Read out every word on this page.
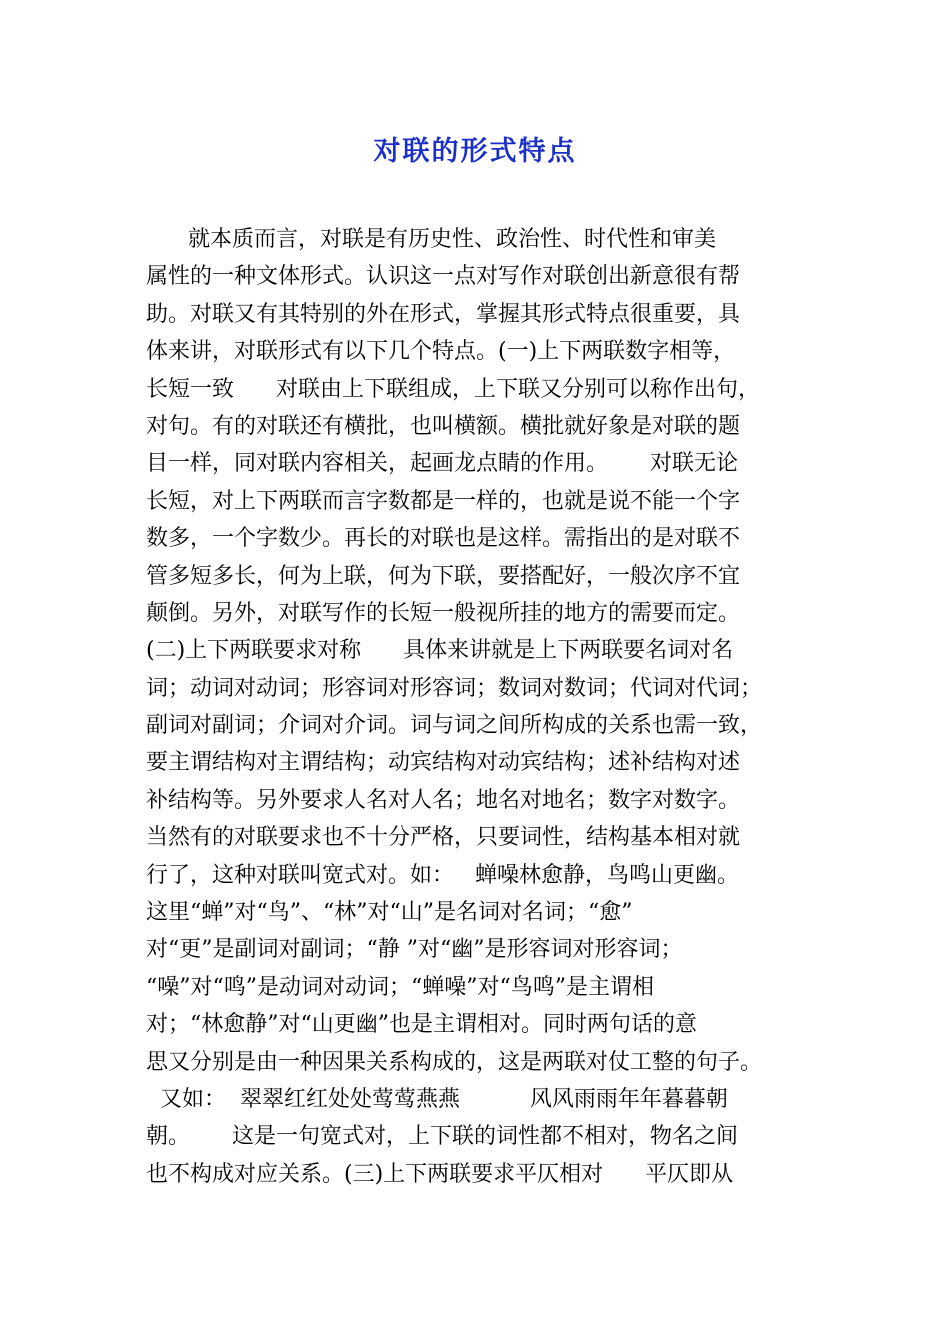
对联的形式特点
就本质而言，对联是有历史性、政治性、时代性和审美
属性的一种文体形式。认识这一点对写作对联创出新意很有帮
助。对联又有其特别的外在形式，掌握其形式特点很重要，具
体来讲，对联形式有以下几个特点。(一)上下两联数字相等，
长短一致      对联由上下联组成，上下联又分别可以称作出句，
对句。有的对联还有横批，也叫横额。横批就好象是对联的题
目一样，同对联内容相关，起画龙点睛的作用。      对联无论
长短，对上下两联而言字数都是一样的，也就是说不能一个字
数多，一个字数少。再长的对联也是这样。需指出的是对联不
管多短多长，何为上联，何为下联，要搭配好，一般次序不宜
颠倒。另外，对联写作的长短一般视所挂的地方的需要而定。
(二)上下两联要求对称      具体来讲就是上下两联要名词对名
词；动词对动词；形容词对形容词；数词对数词；代词对代词；
副词对副词；介词对介词。词与词之间所构成的关系也需一致，
要主谓结构对主谓结构；动宾结构对动宾结构；述补结构对述
补结构等。另外要求人名对人名；地名对地名；数字对数字。
当然有的对联要求也不十分严格，只要词性，结构基本相对就
行了，这种对联叫宽式对。如：   蝉噪林愈静，鸟鸣山更幽。
这里“蝉”对“鸟”、“林”对“山”是名词对名词；“愈”
对“更”是副词对副词；“静 ”对“幽”是形容词对形容词；
“噪”对“鸣”是动词对动词；“蝉噪”对“鸟鸣”是主谓相
对；“林愈静”对“山更幽”也是主谓相对。同时两句话的意
思又分别是由一种因果关系构成的，这是两联对仗工整的句子。
又如：  翠翠红红处处莺莺燕燕          风风雨雨年年暮暮朝
朝。      这是一句宽式对，上下联的词性都不相对，物名之间
也不构成对应关系。(三)上下两联要求平仄相对      平仄即从
